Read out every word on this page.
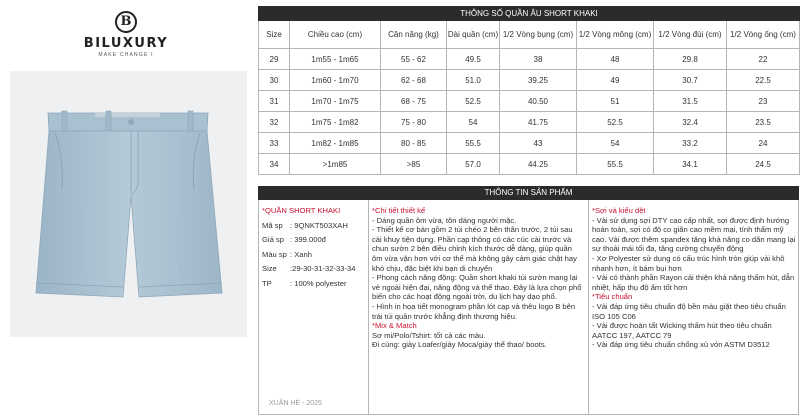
B
BILUXURY
MAKE CHANGE I
THÔNG SỐ QUẦN ÂU SHORT KHAKI							
Size	Chiều cao (cm)	Cân nặng (kg)	Dài quần (cm)	1/2 Vòng bụng (cm)	1/2 Vòng mông (cm)	1/2 Vòng đùi (cm)	1/2 Vòng ống (cm)
29	1m55 - 1m65	55 - 62	49.5	38	48	29.8	22
30	1m60 - 1m70	62 - 68	51.0	39.25	49	30.7	22.5
31	1m70 - 1m75	68 - 75	52.5	40.50	51	31.5	23
32	1m75 - 1m82	75 - 80	54	41.75	52.5	32.4	23.5
33	1m82 - 1m85	80 - 85	55.5	43	54	33.2	24
34	>1m85	>85	57.0	44.25	55.5	34.1	24.5
THÔNG TIN SẢN PHẨM
*QUẦN SHORT KHAKI
Mã sp : 9QNKT503XAH
Giá sp : 399.000đ
Màu sp : Xanh
Size	:29-30-31-32-33-34
TP	: 100% polyester
XUÂN HÈ - 2025
*Chi tiết thiết kế
- Dáng quần ôm vừa, tôn dáng người mặc.
- Thiết kế cơ bản gồm 2 túi chéo 2 bên thân trước, 2 túi sau cài khuy tiện dụng. Phần cạp thông có các cúc cài trước và chun sườn 2 bên điều chỉnh kích thước dễ dàng, giúp quần ôm vừa vặn hơn với cơ thể mà không gây cảm giác chật hay khó chịu, đặc biệt khi bạn di chuyển
- Phong cách năng động: Quần short khaki túi sườn mang lại vẻ ngoài hiện đại, năng động và thể thao. Đây là lựa chọn phổ biến cho các hoạt động ngoài trời, du lịch hay dạo phố.
- Hình in họa tiết monogram phần lót cạp và thêu logo B bên trái túi quần trước khẳng định thương hiệu.
*Mix & Match
Sơ mi/Polo/Tshirt: tốt cả các màu.
Đi cùng: giày Loafer/giày Moca/giày thể thao/ boots.
*Sợi và kiểu dệt
- Vải sử dụng sợi DTY cao cấp nhất, sợi được định hướng hoàn toàn, sợi có độ co giãn cao mềm mại, tính thẩm mỹ cao. Vải được thêm spandex tăng khả năng co dãn mang lại sự thoải mái tối đa, tăng cường chuyển động
- Xơ Polyester sử dụng có cấu trúc hình tròn giúp vải khô nhanh hơn, ít bám bụi hơn
- Vải có thành phần Rayon cải thiện khả năng thấm hút, dẫn nhiệt, hấp thụ độ ẩm tốt hơn
*Tiêu chuẩn
- Vải đáp ứng tiêu chuẩn độ bền màu giặt theo tiêu chuẩn ISO 105 C06
- Vải được hoàn tất Wicking thấm hút theo tiêu chuẩn AATCC 197, AATCC 79
- Vải đáp ứng tiêu chuẩn chống xù vón ASTM D3512
